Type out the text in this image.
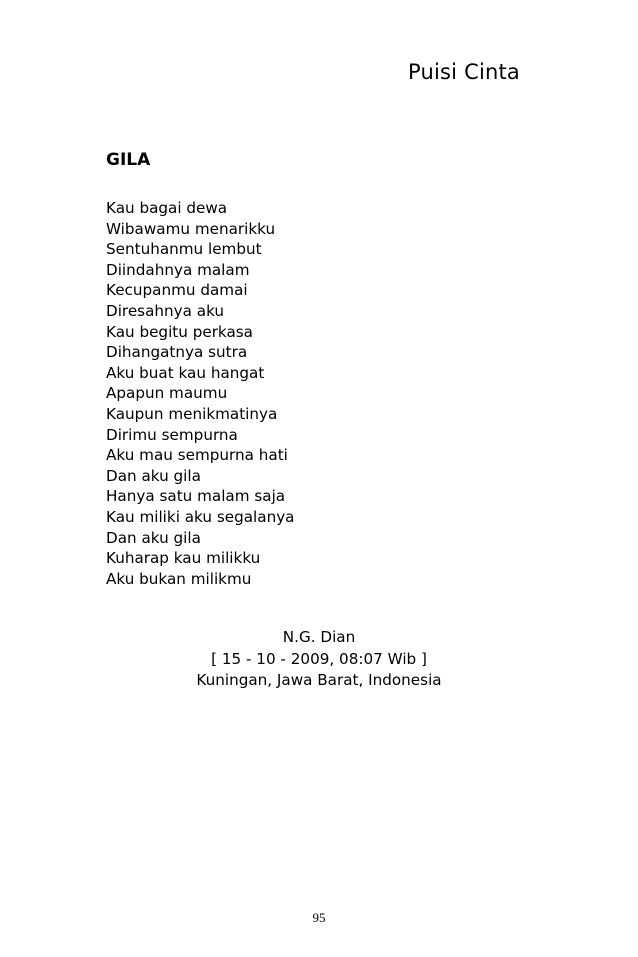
Puisi Cinta
GILA
Kau bagai dewa
Wibawamu menarikku
Sentuhanmu lembut
Diindahnya malam
Kecupanmu damai
Diresahnya aku
Kau begitu perkasa
Dihangatnya sutra
Aku buat kau hangat
Apapun maumu
Kaupun menikmatinya
Dirimu sempurna
Aku mau sempurna hati
Dan aku gila
Hanya satu malam saja
Kau miliki aku segalanya
Dan aku gila
Kuharap kau milikku
Aku bukan milikmu
N.G. Dian
[ 15 - 10 - 2009, 08:07 Wib ]
Kuningan, Jawa Barat, Indonesia
95
